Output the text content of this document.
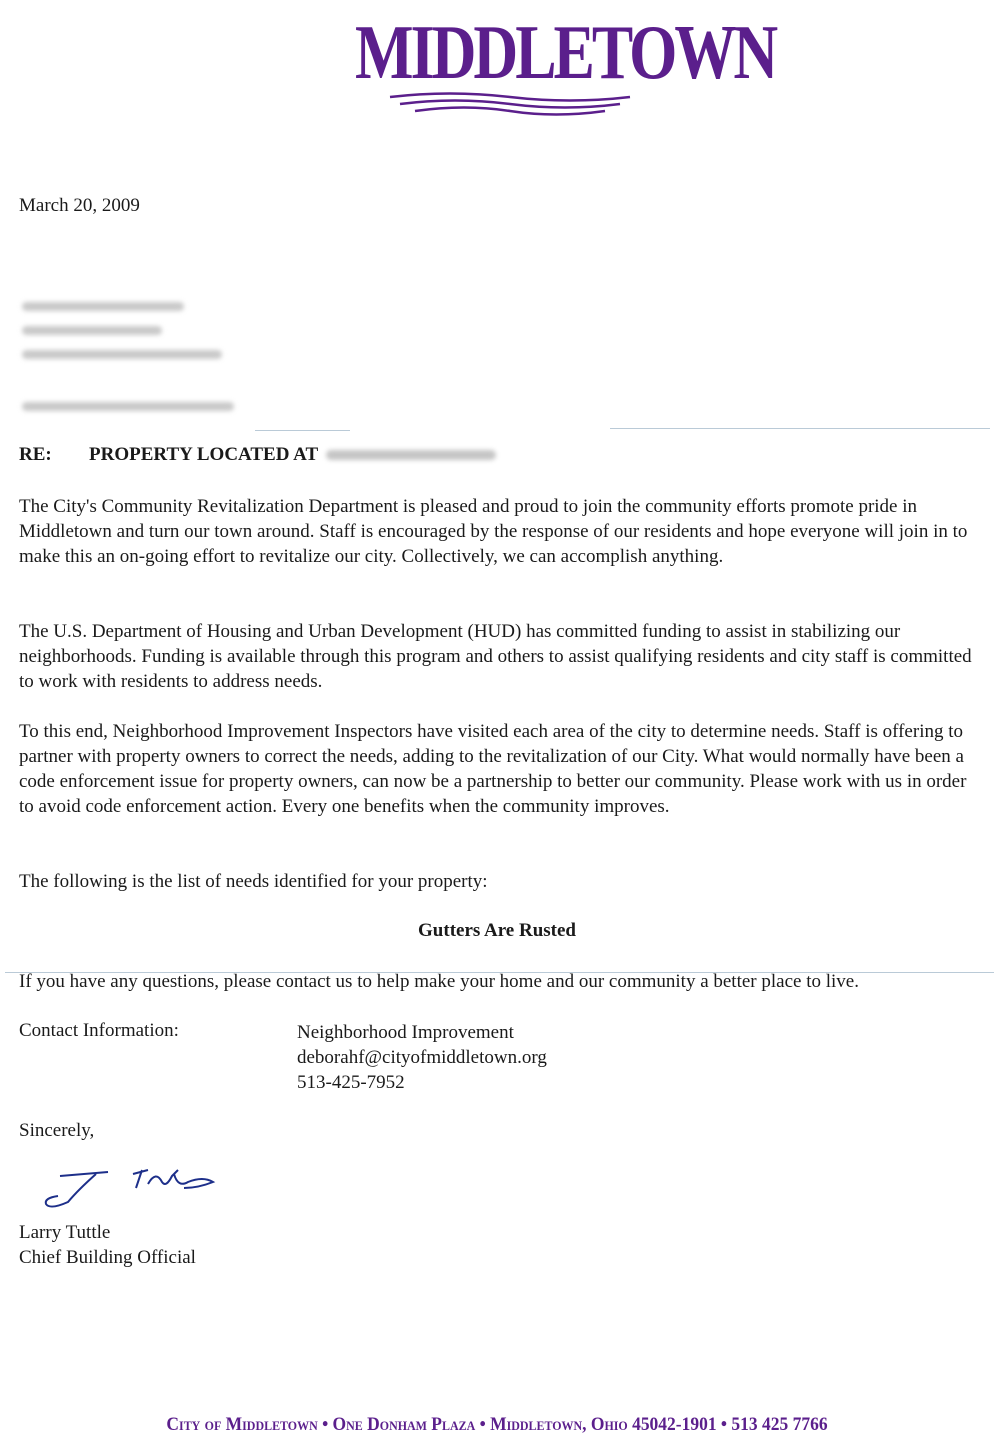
MIDDLETOWN
March 20, 2009
RE:	PROPERTY LOCATED AT

The City's Community Revitalization Department is pleased and proud to join the community efforts promote pride in Middletown and turn our town around. Staff is encouraged by the response of our residents and hope everyone will join in to make this an on-going effort to revitalize our city. Collectively, we can accomplish anything.

The U.S. Department of Housing and Urban Development (HUD) has committed funding to assist in stabilizing our neighborhoods. Funding is available through this program and others to assist qualifying residents and city staff is committed to work with residents to address needs.

To this end, Neighborhood Improvement Inspectors have visited each area of the city to determine needs. Staff is offering to partner with property owners to correct the needs, adding to the revitalization of our City. What would normally have been a code enforcement issue for property owners, can now be a partnership to better our community. Please work with us in order to avoid code enforcement action. Every one benefits when the community improves.

The following is the list of needs identified for your property:

Gutters Are Rusted

If you have any questions, please contact us to help make your home and our community a better place to live.

Contact Information:	Neighborhood Improvement
deborahf@cityofmiddletown.org
513-425-7952
Sincerely,
Larry Tuttle
Chief Building Official
City of Middletown • One Donham Plaza • Middletown, Ohio 45042-1901 • 513 425 7766
